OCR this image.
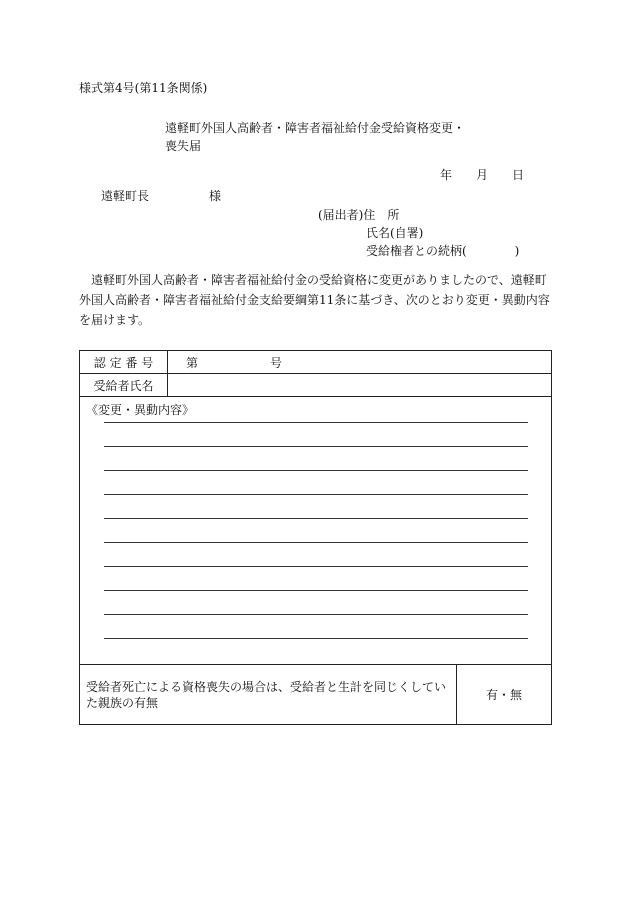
様式第4号(第11条関係)
遠軽町外国人高齢者・障害者福祉給付金受給資格変更・喪失届
年 月 日
遠軽町長	様
(届出者)住　所
氏名(自署)
受給権者との続柄(　　　　)
遠軽町外国人高齢者・障害者福祉給付金の受給資格に変更がありましたので、遠軽町外国人高齢者・障害者福祉給付金支給要綱第11条に基づき、次のとおり変更・異動内容を届けます。
認 定 番 号	第　　　　　　号	
受給者氏名		

《変更・異動内容》		

受給者死亡による資格喪失の場合は、受給者と生計を同じくしていた親族の有無		有・無
